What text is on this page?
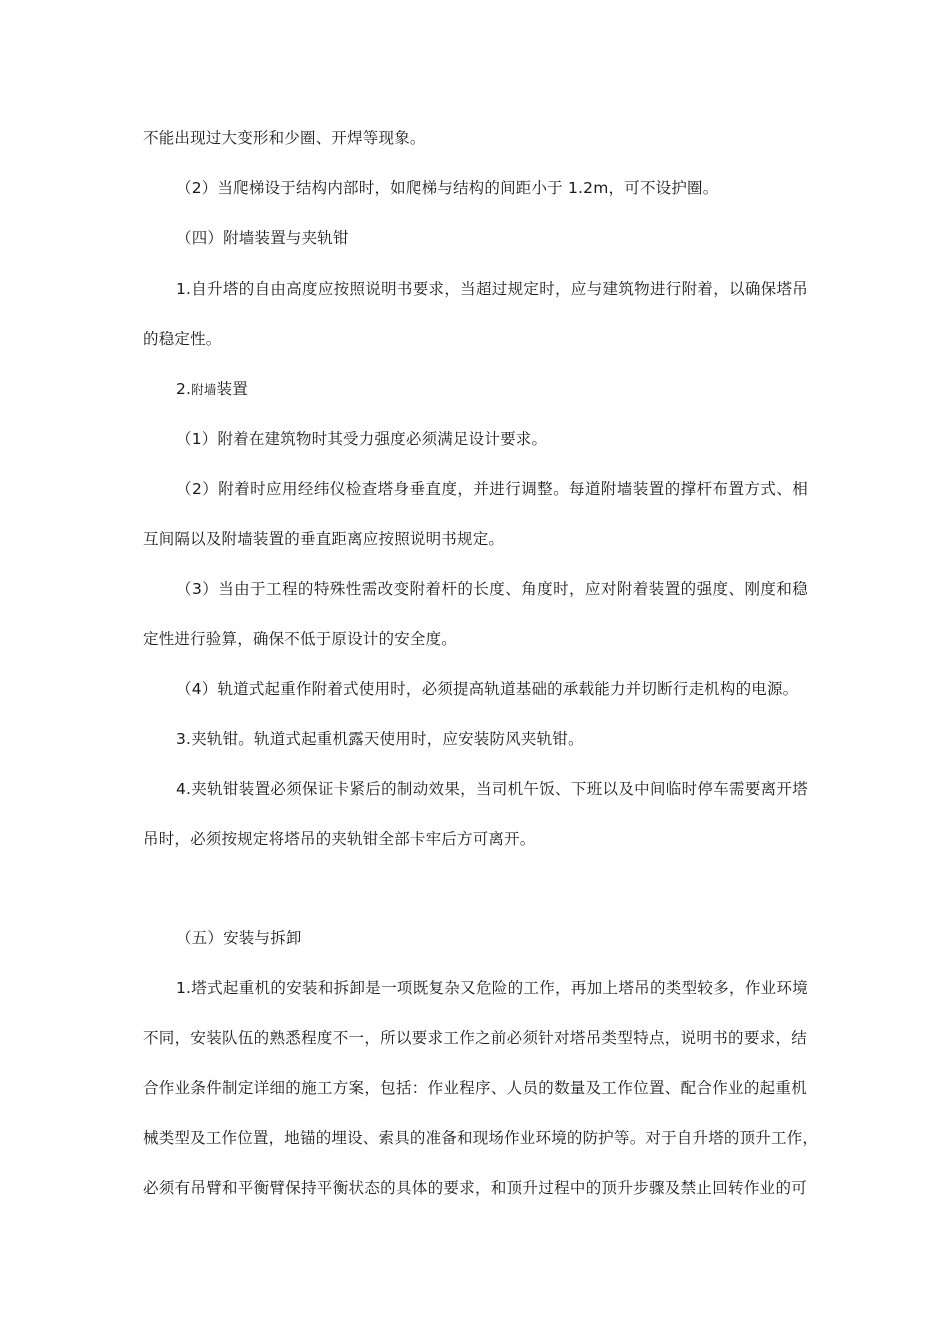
不能出现过大变形和少圈、开焊等现象。
（2）当爬梯设于结构内部时，如爬梯与结构的间距小于 1.2m，可不设护圈。
（四）附墙装置与夹轨钳
1.自升塔的自由高度应按照说明书要求，当超过规定时，应与建筑物进行附着，以确保塔吊
的稳定性。
2.附墙装置
（1）附着在建筑物时其受力强度必须满足设计要求。
（2）附着时应用经纬仪检查塔身垂直度，并进行调整。每道附墙装置的撑杆布置方式、相
互间隔以及附墙装置的垂直距离应按照说明书规定。
（3）当由于工程的特殊性需改变附着杆的长度、角度时，应对附着装置的强度、刚度和稳
定性进行验算，确保不低于原设计的安全度。
（4）轨道式起重作附着式使用时，必须提高轨道基础的承载能力并切断行走机构的电源。
3.夹轨钳。轨道式起重机露天使用时，应安装防风夹轨钳。
4.夹轨钳装置必须保证卡紧后的制动效果，当司机午饭、下班以及中间临时停车需要离开塔
吊时，必须按规定将塔吊的夹轨钳全部卡牢后方可离开。
（五）安装与拆卸
1.塔式起重机的安装和拆卸是一项既复杂又危险的工作，再加上塔吊的类型较多，作业环境
不同，安装队伍的熟悉程度不一，所以要求工作之前必须针对塔吊类型特点，说明书的要求，结
合作业条件制定详细的施工方案，包括：作业程序、人员的数量及工作位置、配合作业的起重机
械类型及工作位置，地锚的埋设、索具的准备和现场作业环境的防护等。对于自升塔的顶升工作，
必须有吊臂和平衡臂保持平衡状态的具体的要求，和顶升过程中的顶升步骤及禁止回转作业的可
